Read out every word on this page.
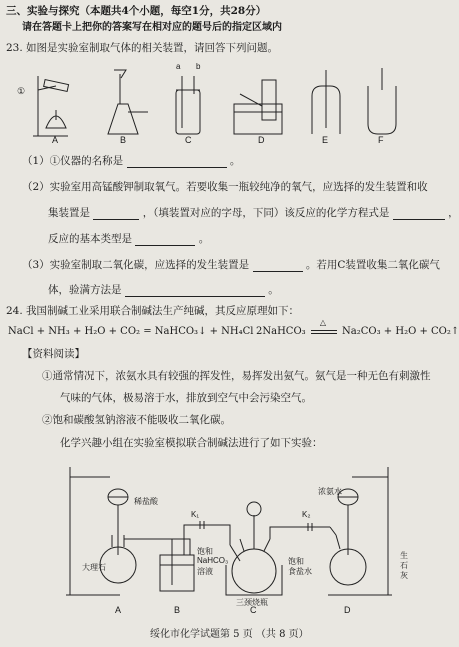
三、实验与探究（本题共4个小题，每空1分，共28分）
请在答题卡上把你的答案写在相对应的题号后的指定区域内
23. 如图是实验室制取气体的相关装置，请回答下列问题。
①
a b
A	B	C	D	E	F
（1）①仪器的名称是	。
（2）实验室用高锰酸钾制取氧气。若要收集一瓶较纯净的氧气，应选择的发生装置和收
集装置是	，（填装置对应的字母，下同）该反应的化学方程式是	，
反应的基本类型是	。
（3）实验室制取二氧化碳，应选择的发生装置是	。若用C装置收集二氧化碳气
体，验满方法是	。
24. 我国制碱工业采用联合制碱法生产纯碱，其反应原理如下：
NaCl + NH₃ + H₂O + CO₂ = NaHCO₃↓ + NH₄Cl 2NaHCO₃
△
Na₂CO₃ + H₂O + CO₂↑
【资料阅读】
①通常情况下，浓氨水具有较强的挥发性，易挥发出氨气。氨气是一种无色有刺激性
气味的气体，极易溶于水，排放到空气中会污染空气。
②饱和碳酸氢钠溶液不能吸收二氧化碳。
化学兴趣小组在实验室模拟联合制碱法进行了如下实验：
稀盐酸
大理石
K₁
饱和
NaHCO₃
溶液
K₂
浓氨水
饱和
食盐水
三颈烧瓶
生
石
灰
A	B	C	D
绥化市化学试题第 5 页 （共 8 页）
